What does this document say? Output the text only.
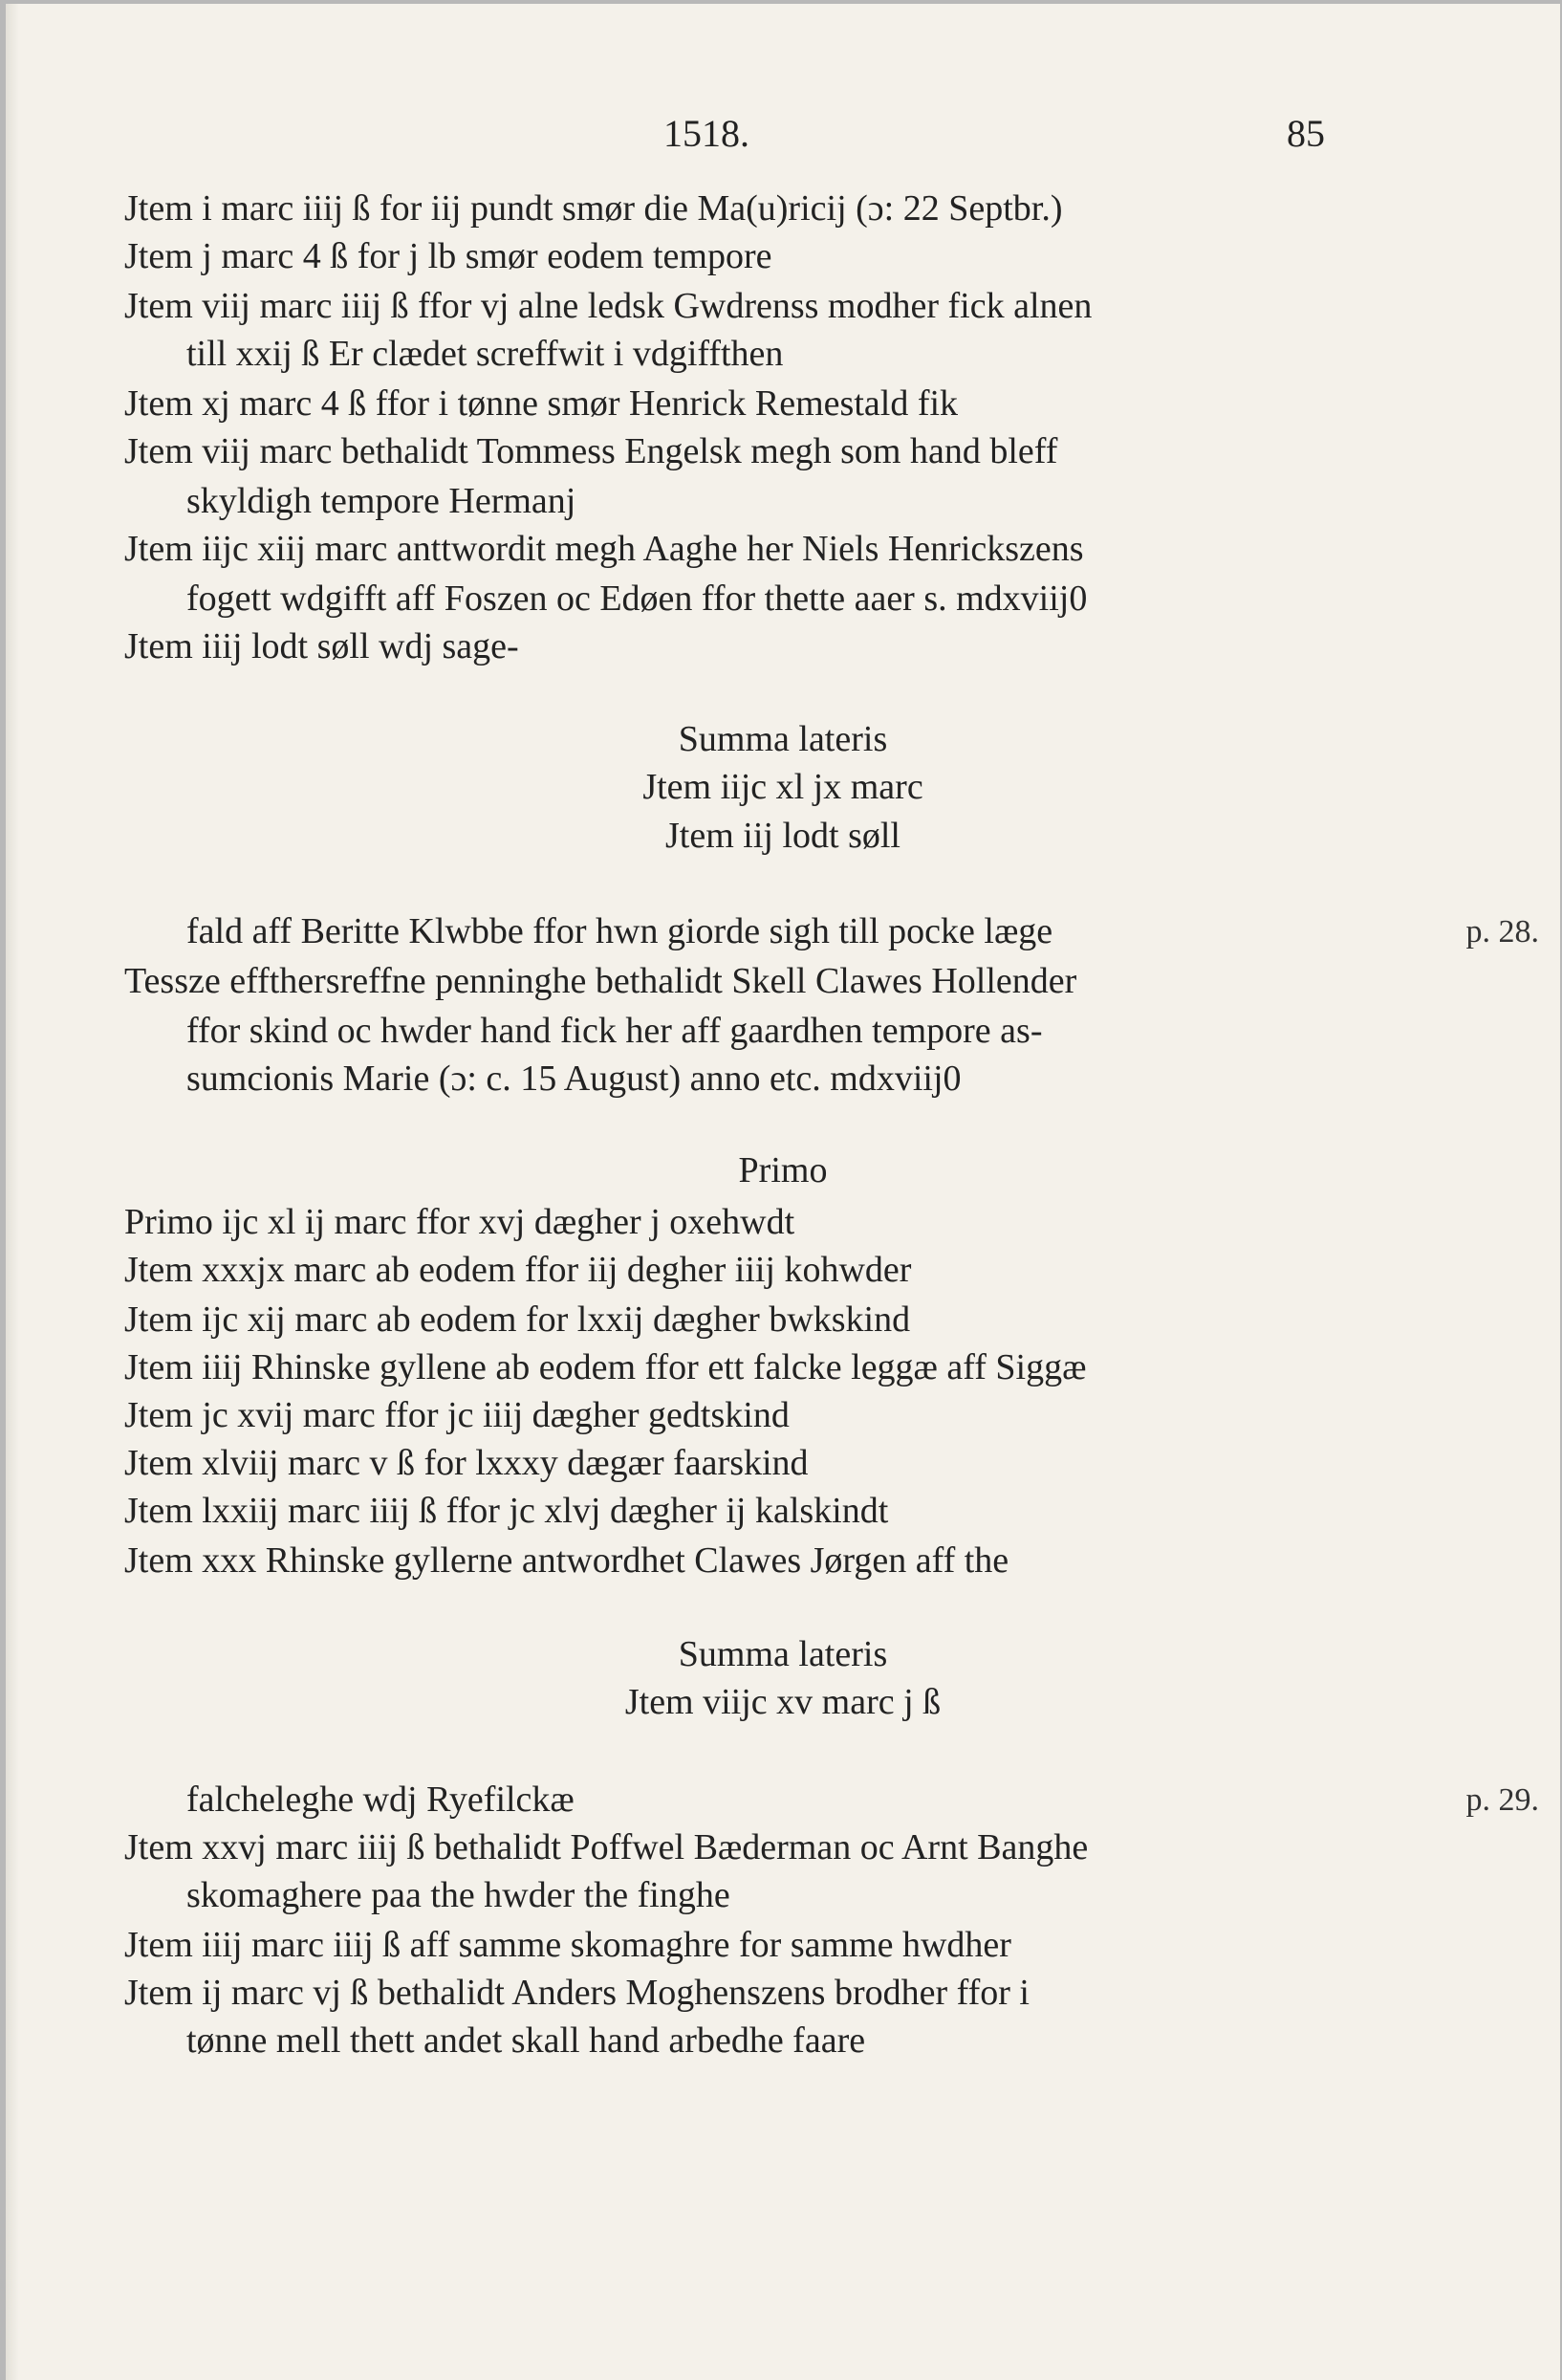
1518.	85
Jtem i marc iiij ß for iij pundt smør die Ma(u)ricij (ɔ: 22 Septbr.)
Jtem j marc 4 ß for j lb smør eodem tempore
Jtem viij marc iiij ß ffor vj alne ledsk Gwdrenss modher fick alnen
till xxij ß Er clædet screffwit i vdgiffthen
Jtem xj marc 4 ß ffor i tønne smør Henrick Remestald fik
Jtem viij marc bethalidt Tommess Engelsk megh som hand bleff
skyldigh tempore Hermanj
Jtem iijc xiij marc anttwordit megh Aaghe her Niels Henrickszens
fogett wdgifft aff Foszen oc Edøen ffor thette aaer s. mdxviij0
Jtem iiij lodt søll wdj sage-
Summa lateris
Jtem iijc xl jx marc
Jtem iij lodt søll
fald aff Beritte Klwbbe ffor hwn giorde sigh till pocke læge	p. 28.
Tessze effthersreffne penninghe bethalidt Skell Clawes Hollender
ffor skind oc hwder hand fick her aff gaardhen tempore as-
sumcionis Marie (ɔ: c. 15 August) anno etc. mdxviij0
Primo
Primo ijc xl ij marc ffor xvj dægher j oxehwdt
Jtem xxxjx marc ab eodem ffor iij degher iiij kohwder
Jtem ijc xij marc ab eodem for lxxij dægher bwkskind
Jtem iiij Rhinske gyllene ab eodem ffor ett falcke leggæ aff Siggæ
Jtem jc xvij marc ffor jc iiij dægher gedtskind
Jtem xlviij marc v ß for lxxxy dægær faarskind
Jtem lxxiij marc iiij ß ffor jc xlvj dægher ij kalskindt
Jtem xxx Rhinske gyllerne antwordhet Clawes Jørgen aff the
Summa lateris
Jtem viijc xv marc j ß
falcheleghe wdj Ryefilckæ	p. 29.
Jtem xxvj marc iiij ß bethalidt Poffwel Bæderman oc Arnt Banghe
skomaghere paa the hwder the finghe
Jtem iiij marc iiij ß aff samme skomaghre for samme hwdher
Jtem ij marc vj ß bethalidt Anders Moghenszens brodher ffor i
tønne mell thett andet skall hand arbedhe faare
